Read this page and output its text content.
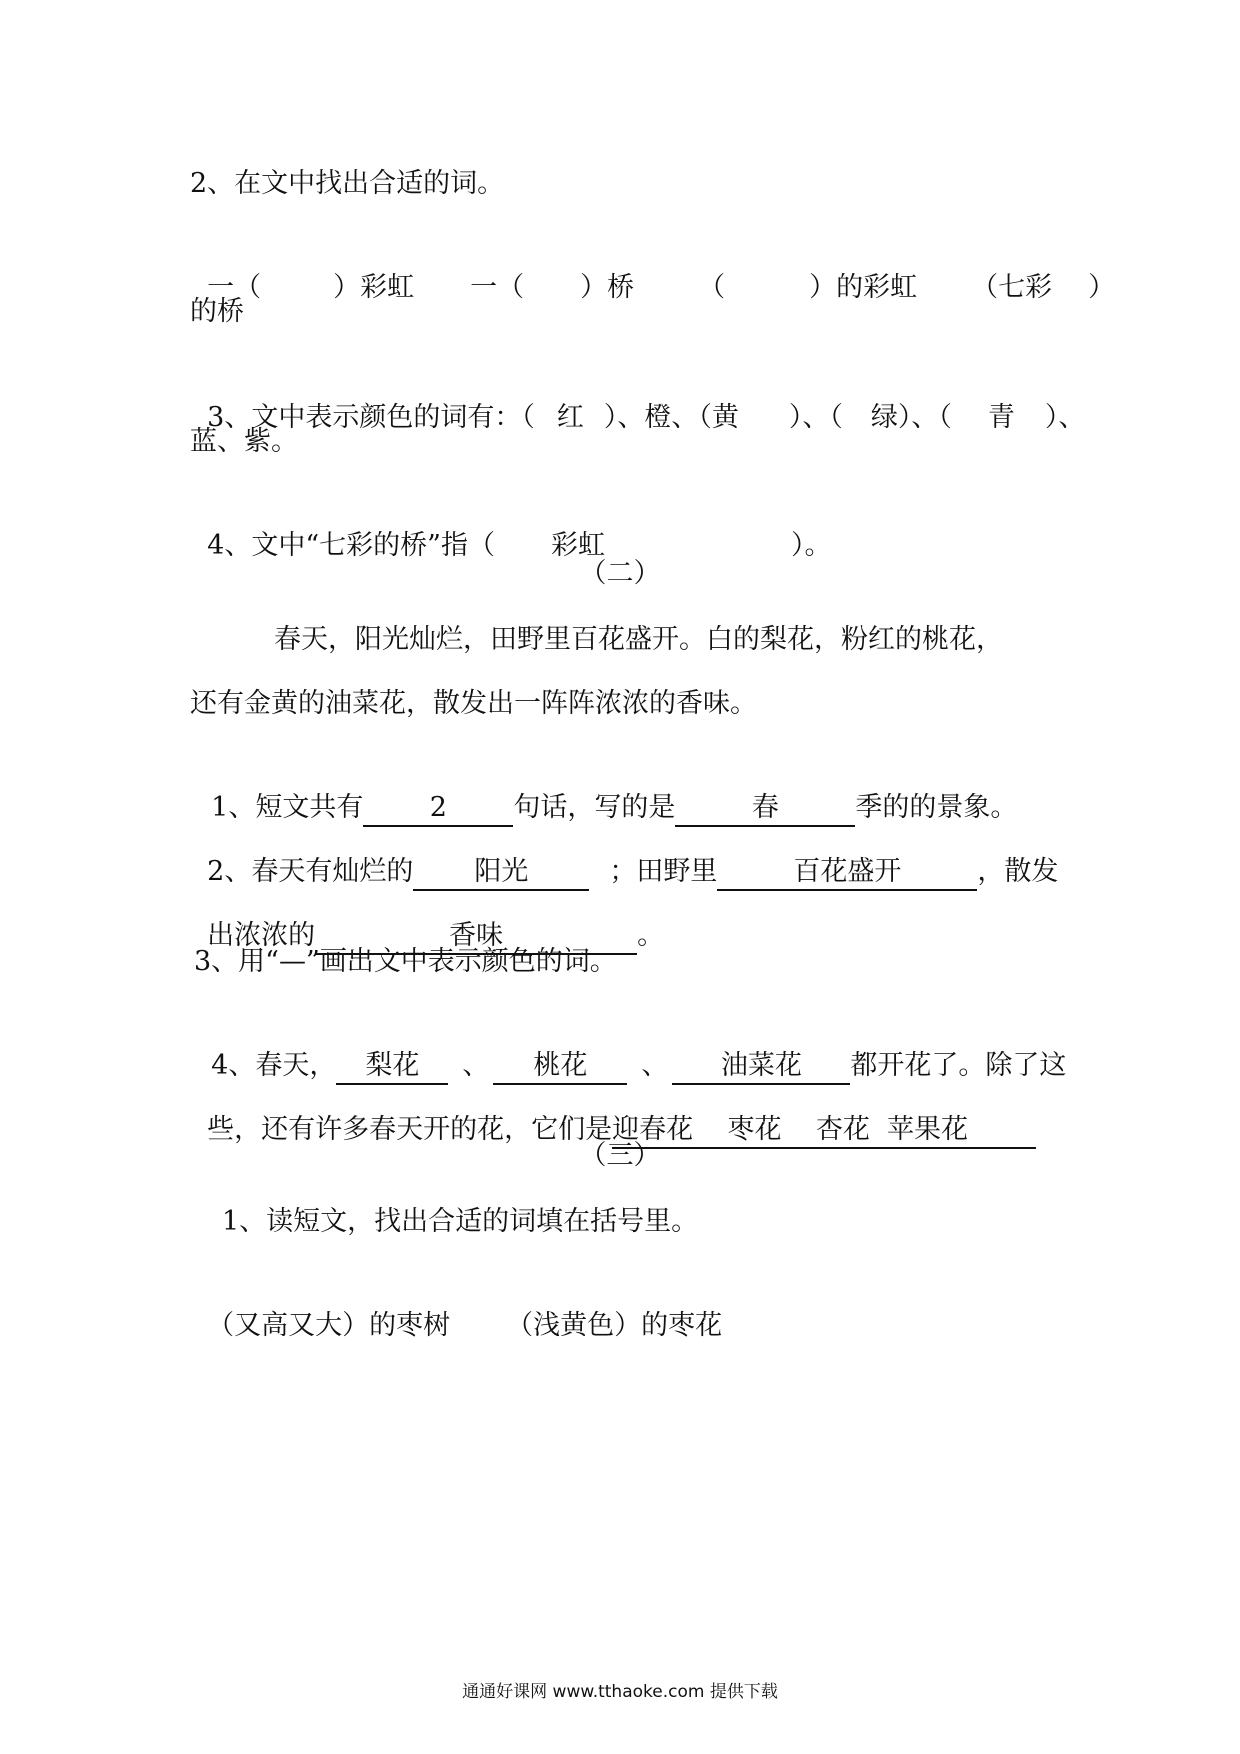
2、在文中找出合适的词。

一（	）彩虹 一（ ）桥 （	）的彩虹 （七彩 ）

的桥

3、文中表示颜色的词有：（ 红 ）、橙、（黄 ）、（ 绿）、（ 青 ）、

蓝、紫。

4、文中“七彩的桥”指（ 彩虹	）。

（二）
春天，阳光灿烂，田野里百花盛开。白的梨花，粉红的桃花，
还有金黄的油菜花，散发出一阵阵浓浓的香味。

1、短文共有 2 句话，写的是	春	季的的景象。

2、春天有灿烂的 阳光	；田野里	百花盛开	，散发

出浓浓的	香味	。

3、用“—”画出文中表示颜色的词。

4、春天， 梨花 、 桃花 、 油菜花 都开花了。除了这

些，还有许多春天开的花，它们是迎春花    枣花    杏花  苹果花

（三）
1、读短文，找出合适的词填在括号里。

（又高又大）的枣树 （浅黄色）的枣花

通通好课网 www.tthaoke.com 提供下载
